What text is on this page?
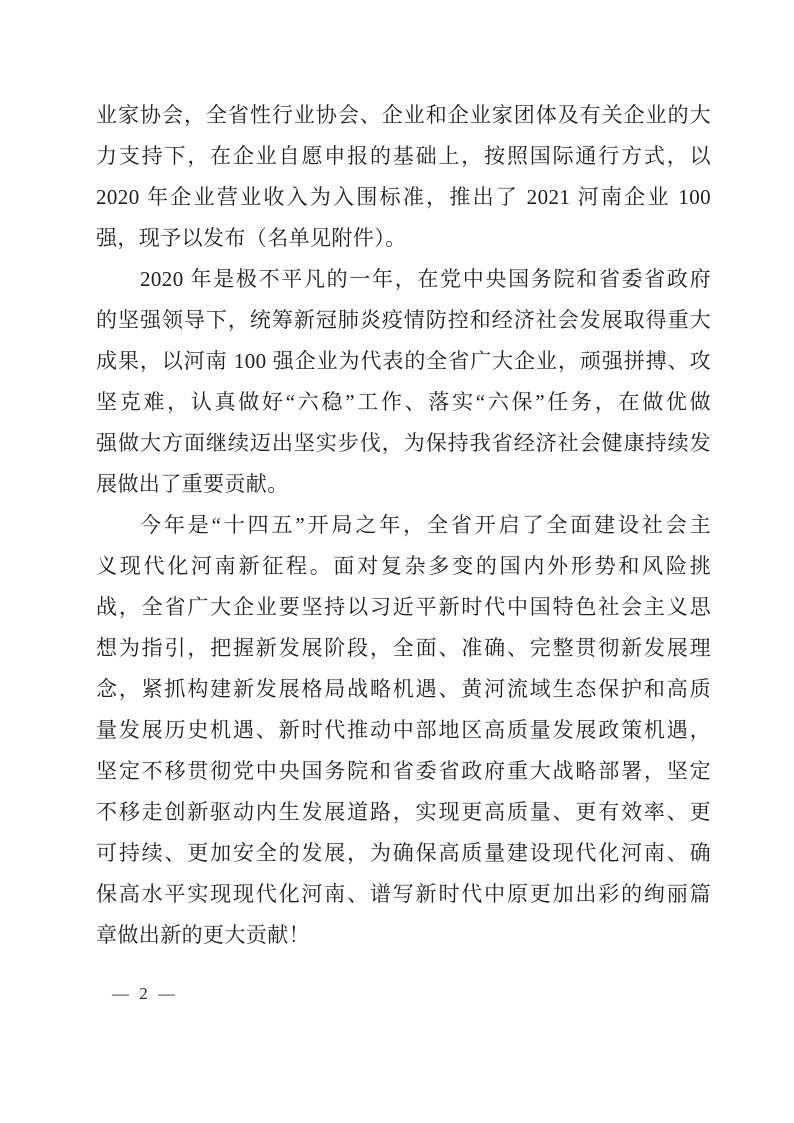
业家协会，全省性行业协会、企业和企业家团体及有关企业的大
力支持下，在企业自愿申报的基础上，按照国际通行方式，以
2020 年企业营业收入为入围标准，推出了 2021 河南企业 100
强，现予以发布（名单见附件）。
2020 年是极不平凡的一年，在党中央国务院和省委省政府
的坚强领导下，统筹新冠肺炎疫情防控和经济社会发展取得重大
成果，以河南 100 强企业为代表的全省广大企业，顽强拼搏、攻
坚克难，认真做好“六稳”工作、落实“六保”任务，在做优做
强做大方面继续迈出坚实步伐，为保持我省经济社会健康持续发
展做出了重要贡献。
今年是“十四五”开局之年，全省开启了全面建设社会主
义现代化河南新征程。面对复杂多变的国内外形势和风险挑
战，全省广大企业要坚持以习近平新时代中国特色社会主义思
想为指引，把握新发展阶段，全面、准确、完整贯彻新发展理
念，紧抓构建新发展格局战略机遇、黄河流域生态保护和高质
量发展历史机遇、新时代推动中部地区高质量发展政策机遇，
坚定不移贯彻党中央国务院和省委省政府重大战略部署，坚定
不移走创新驱动内生发展道路，实现更高质量、更有效率、更
可持续、更加安全的发展，为确保高质量建设现代化河南、确
保高水平实现现代化河南、谱写新时代中原更加出彩的绚丽篇
章做出新的更大贡献！
— 2 —
